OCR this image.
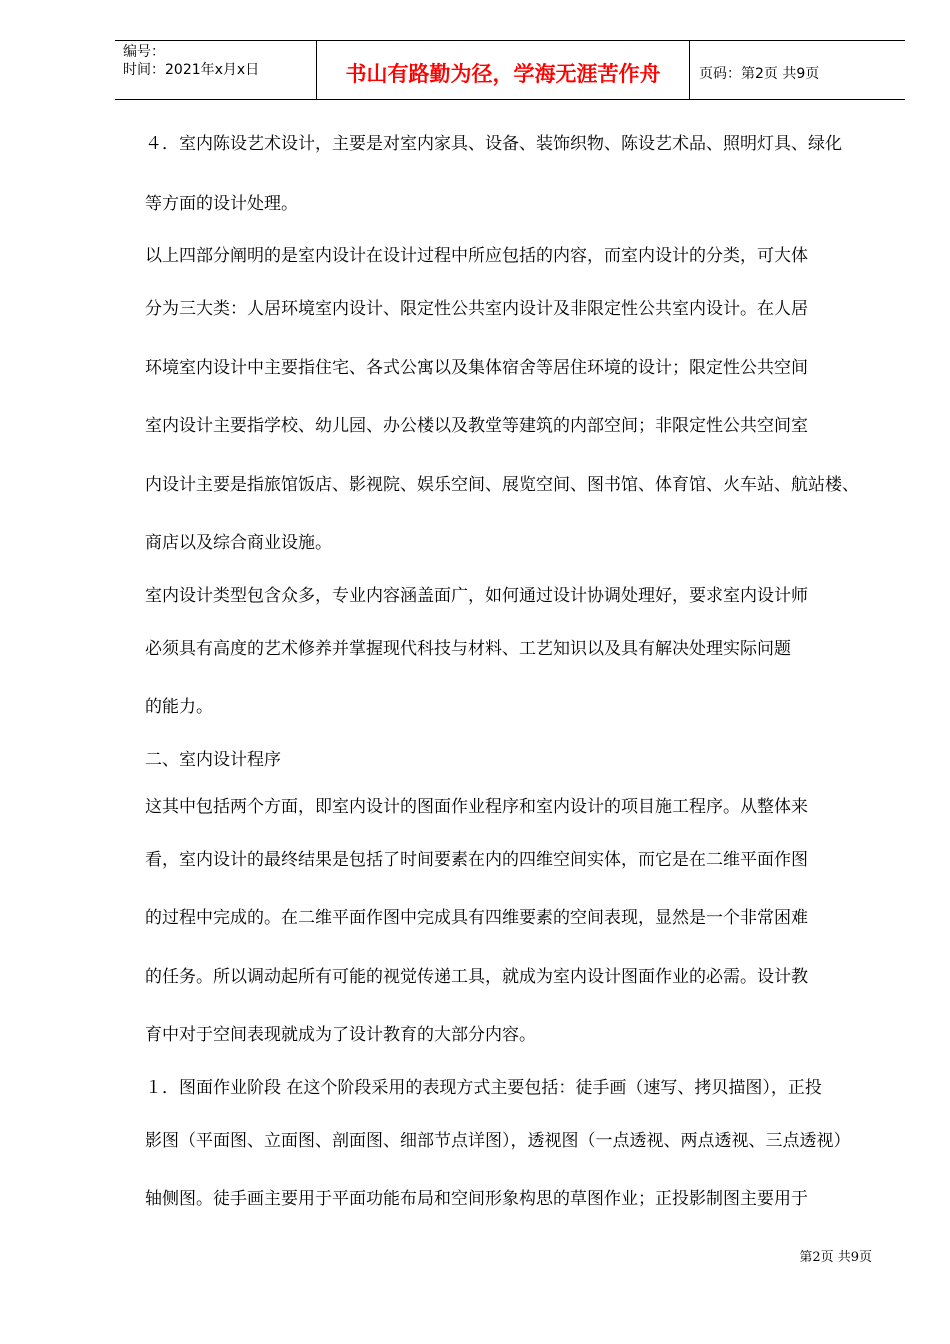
编号：
时间：2021年x月x日	书山有路勤为径，学海无涯苦作舟	页码：第2页 共9页
４．室内陈设艺术设计，主要是对室内家具、设备、装饰织物、陈设艺术品、照明灯具、绿化
等方面的设计处理。
以上四部分阐明的是室内设计在设计过程中所应包括的内容，而室内设计的分类，可大体
分为三大类：人居环境室内设计、限定性公共室内设计及非限定性公共室内设计。在人居
环境室内设计中主要指住宅、各式公寓以及集体宿舍等居住环境的设计；限定性公共空间
室内设计主要指学校、幼儿园、办公楼以及教堂等建筑的内部空间；非限定性公共空间室
内设计主要是指旅馆饭店、影视院、娱乐空间、展览空间、图书馆、体育馆、火车站、航站楼、
商店以及综合商业设施。
室内设计类型包含众多，专业内容涵盖面广，如何通过设计协调处理好，要求室内设计师
必须具有高度的艺术修养并掌握现代科技与材料、工艺知识以及具有解决处理实际问题
的能力。
二、室内设计程序
这其中包括两个方面，即室内设计的图面作业程序和室内设计的项目施工程序。从整体来
看，室内设计的最终结果是包括了时间要素在内的四维空间实体，而它是在二维平面作图
的过程中完成的。在二维平面作图中完成具有四维要素的空间表现，显然是一个非常困难
的任务。所以调动起所有可能的视觉传递工具，就成为室内设计图面作业的必需。设计教
育中对于空间表现就成为了设计教育的大部分内容。
１．图面作业阶段 在这个阶段采用的表现方式主要包括：徒手画（速写、拷贝描图），正投
影图（平面图、立面图、剖面图、细部节点详图），透视图（一点透视、两点透视、三点透视）
轴侧图。徒手画主要用于平面功能布局和空间形象构思的草图作业；正投影制图主要用于
第2页 共9页
